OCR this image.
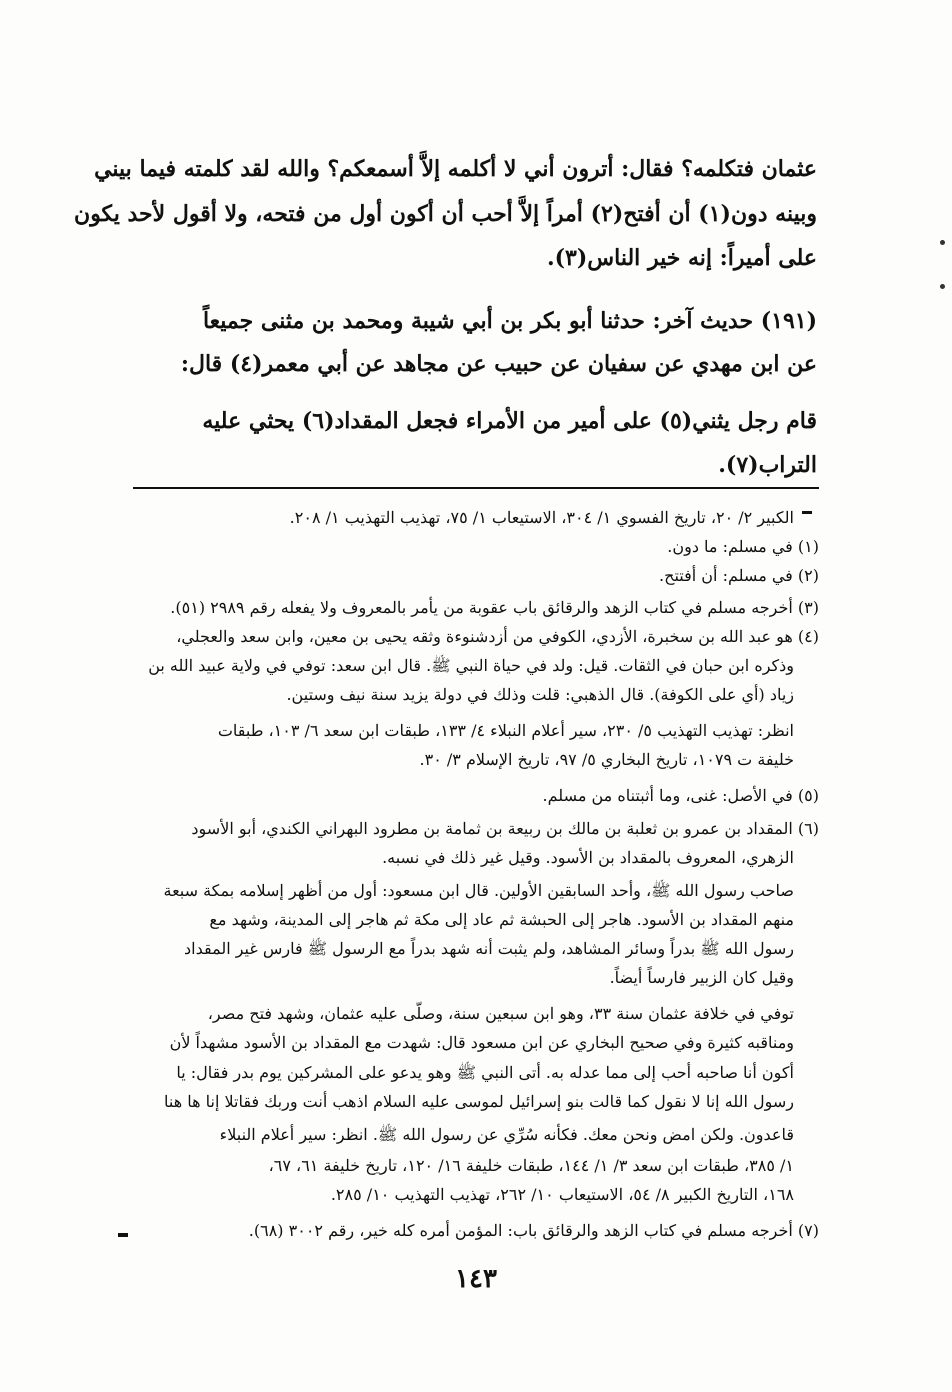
عثمان فتكلمه؟ فقال: أترون أني لا أكلمه إلاَّ أسمعكم؟ والله لقد كلمته فيما بيني
وبينه دون(١) أن أفتح(٢) أمراً إلاَّ أحب أن أكون أول من فتحه، ولا أقول لأحد يكون
على أميراً: إنه خير الناس(٣).
(١٩١) حديث آخر: حدثنا أبو بكر بن أبي شيبة ومحمد بن مثنى جميعاً
عن ابن مهدي عن سفيان عن حبيب عن مجاهد عن أبي معمر(٤) قال:
قام رجل يثني(٥) على أمير من الأمراء فجعل المقداد(٦) يحثي عليه
التراب(٧).
الكبير ٢/ ٢٠، تاريخ الفسوي ١/ ٣٠٤، الاستيعاب ١/ ٧٥، تهذيب التهذيب ١/ ٢٠٨.
(١) في مسلم: ما دون.
(٢) في مسلم: أن أفتتح.
(٣) أخرجه مسلم في كتاب الزهد والرقائق باب عقوبة من يأمر بالمعروف ولا يفعله رقم ٢٩٨٩ (٥١).
(٤) هو عبد الله بن سخبرة، الأزدي، الكوفي من أزدشنوءة وثقه يحيى بن معين، وابن سعد والعجلي،
وذكره ابن حبان في الثقات. قيل: ولد في حياة النبي ﷺ. قال ابن سعد: توفي في ولاية عبيد الله بن
زياد (أي على الكوفة). قال الذهبي: قلت وذلك في دولة يزيد سنة نيف وستين.
انظر: تهذيب التهذيب ٥/ ٢٣٠، سير أعلام النبلاء ٤/ ١٣٣، طبقات ابن سعد ٦/ ١٠٣، طبقات
خليفة ت ١٠٧٩، تاريخ البخاري ٥/ ٩٧، تاريخ الإسلام ٣/ ٣٠.
(٥) في الأصل: غنى، وما أثبتناه من مسلم.
(٦) المقداد بن عمرو بن ثعلبة بن مالك بن ربيعة بن ثمامة بن مطرود البهراني الكندي، أبو الأسود
الزهري، المعروف بالمقداد بن الأسود. وقيل غير ذلك في نسبه.
صاحب رسول الله ﷺ، وأحد السابقين الأولين. قال ابن مسعود: أول من أظهر إسلامه بمكة سبعة
منهم المقداد بن الأسود. هاجر إلى الحبشة ثم عاد إلى مكة ثم هاجر إلى المدينة، وشهد مع
رسول الله ﷺ بدراً وسائر المشاهد، ولم يثبت أنه شهد بدراً مع الرسول ﷺ فارس غير المقداد
وقيل كان الزبير فارساً أيضاً.
توفي في خلافة عثمان سنة ٣٣، وهو ابن سبعين سنة، وصلّى عليه عثمان، وشهد فتح مصر،
ومناقبه كثيرة وفي صحيح البخاري عن ابن مسعود قال: شهدت مع المقداد بن الأسود مشهداً لأن
أكون أنا صاحبه أحب إلى مما عدله به. أتى النبي ﷺ وهو يدعو على المشركين يوم بدر فقال: يا
رسول الله إنا لا نقول كما قالت بنو إسرائيل لموسى عليه السلام اذهب أنت وربك فقاتلا إنا ها هنا
قاعدون. ولكن امض ونحن معك. فكأنه سُرِّي عن رسول الله ﷺ. انظر: سير أعلام النبلاء
١/ ٣٨٥، طبقات ابن سعد ٣/ ١/ ١٤٤، طبقات خليفة ١٦/ ١٢٠، تاريخ خليفة ٦١، ٦٧،
١٦٨، التاريخ الكبير ٨/ ٥٤، الاستيعاب ١٠/ ٢٦٢، تهذيب التهذيب ١٠/ ٢٨٥.
(٧) أخرجه مسلم في كتاب الزهد والرقائق باب: المؤمن أمره كله خير، رقم ٣٠٠٢ (٦٨).
١٤٣
